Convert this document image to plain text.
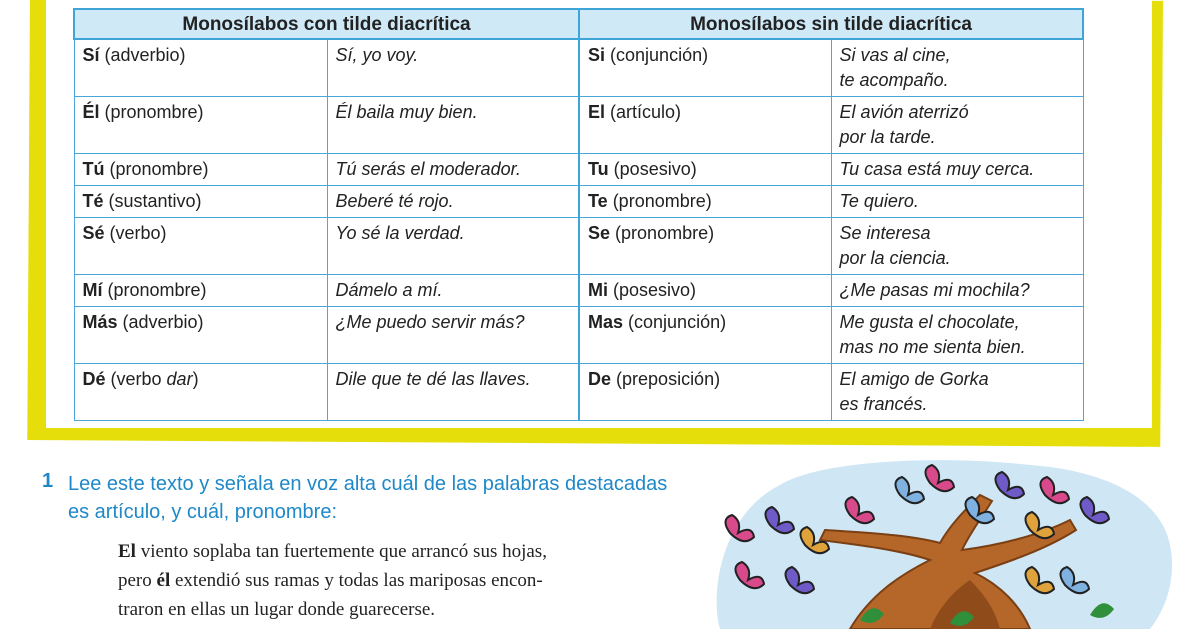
Monosílabos con tilde diacrítica		Monosílabos sin tilde diacrítica	
Sí (adverbio)	Sí, yo voy.	Si (conjunción)	Si vas al cine,
te acompaño.
Él (pronombre)	Él baila muy bien.	El (artículo)	El avión aterrizó
por la tarde.
Tú (pronombre)	Tú serás el moderador.	Tu (posesivo)	Tu casa está muy cerca.
Té (sustantivo)	Beberé té rojo.	Te (pronombre)	Te quiero.
Sé (verbo)	Yo sé la verdad.	Se (pronombre)	Se interesa
por la ciencia.
Mí (pronombre)	Dámelo a mí.	Mi (posesivo)	¿Me pasas mi mochila?
Más (adverbio)	¿Me puedo servir más?	Mas (conjunción)	Me gusta el chocolate,
mas no me sienta bien.
Dé (verbo dar)	Dile que te dé las llaves.	De (preposición)	El amigo de Gorka
es francés.
1 Lee este texto y señala en voz alta cuál de las palabras destacadas
es artículo, y cuál, pronombre:
El viento soplaba tan fuertemente que arrancó sus hojas,
pero él extendió sus ramas y todas las mariposas encon-
traron en ellas un lugar donde guarecerse.
